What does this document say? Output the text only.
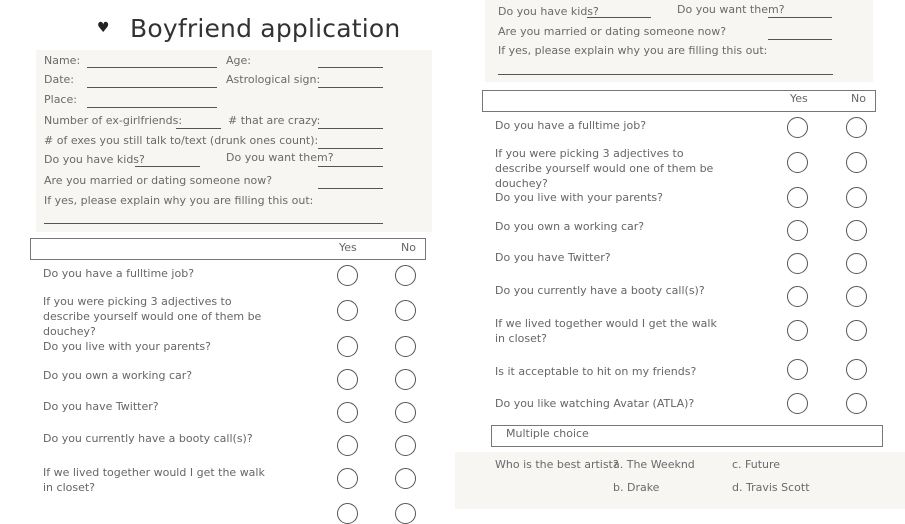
♥ Boyfriend application
Name:	Age:
Date:	Astrological sign:
Place:
Number of ex-girlfriends:	# that are crazy:
# of exes you still talk to/text (drunk ones count):
Do you have kids?	Do you want them?
Are you married or dating someone now?
If yes, please explain why you are filling this out:
Yes	No
Do you have a fulltime job?
If you were picking 3 adjectives to describe yourself would one of them be douchey?
Do you live with your parents?
Do you own a working car?
Do you have Twitter?
Do you currently have a booty call(s)?
If we lived together would I get the walk in closet?
Do you have kids?	Do you want them?
Are you married or dating someone now?
If yes, please explain why you are filling this out:
Yes	No
Do you have a fulltime job?
If you were picking 3 adjectives to describe yourself would one of them be douchey?
Do you live with your parents?
Do you own a working car?
Do you have Twitter?
Do you currently have a booty call(s)?
If we lived together would I get the walk in closet?
Is it acceptable to hit on my friends?
Do you like watching Avatar (ATLA)?
Multiple choice
Who is the best artist?
a. The Weeknd
b. Drake
c. Future
d. Travis Scott
